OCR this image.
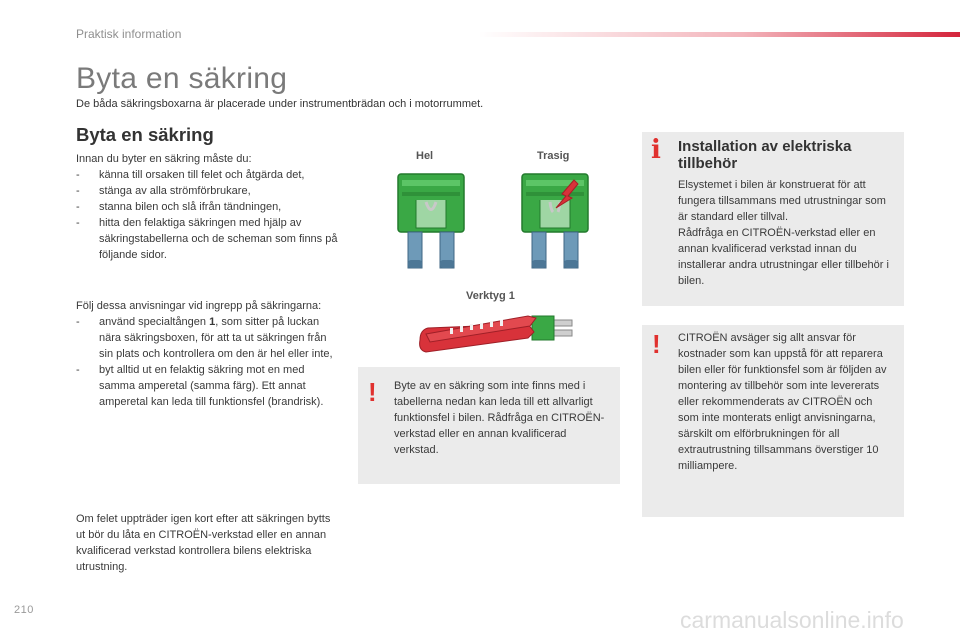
Praktisk information
Byta en säkring
De båda säkringsboxarna är placerade under instrumentbrädan och i motorrummet.
Byta en säkring

Innan du byter en säkring måste du:

- känna till orsaken till felet och åtgärda det,
- stänga av alla strömförbrukare,
- stanna bilen och slå ifrån tändningen,
- hitta den felaktiga säkringen med hjälp av säkringstabellerna och de scheman som finns på följande sidor.

Följ dessa anvisningar vid ingrepp på säkringarna:

- använd specialtången 1, som sitter på luckan nära säkringsboxen, för att ta ut säkringen från sin plats och kontrollera om den är hel eller inte,
- byt alltid ut en felaktig säkring mot en med samma amperetal (samma färg). Ett annat amperetal kan leda till funktionsfel (brandrisk).
Om felet uppträder igen kort efter att säkringen bytts ut bör du låta en CITROËN-verkstad eller en annan kvalificerad verkstad kontrollera bilens elektriska utrustning.
Hel	Trasig
Verktyg 1
! Byte av en säkring som inte finns med i tabellerna nedan kan leda till ett allvarligt funktionsfel i bilen. Rådfråga en CITROËN-verkstad eller en annan kvalificerad verkstad.
i Installation av elektriska tillbehör

Elsystemet i bilen är konstruerat för att fungera tillsammans med utrustningar som är standard eller tillval.

Rådfråga en CITROËN-verkstad eller en annan kvalificerad verkstad innan du installerar andra utrustningar eller tillbehör i bilen.

! CITROËN avsäger sig allt ansvar för kostnader som kan uppstå för att reparera bilen eller för funktionsfel som är följden av montering av tillbehör som inte levererats eller rekommenderats av CITROËN och som inte monterats enligt anvisningarna, särskilt om elförbrukningen för all extrautrustning tillsammans överstiger 10 milliampere.
210	carmanualsonline.info
